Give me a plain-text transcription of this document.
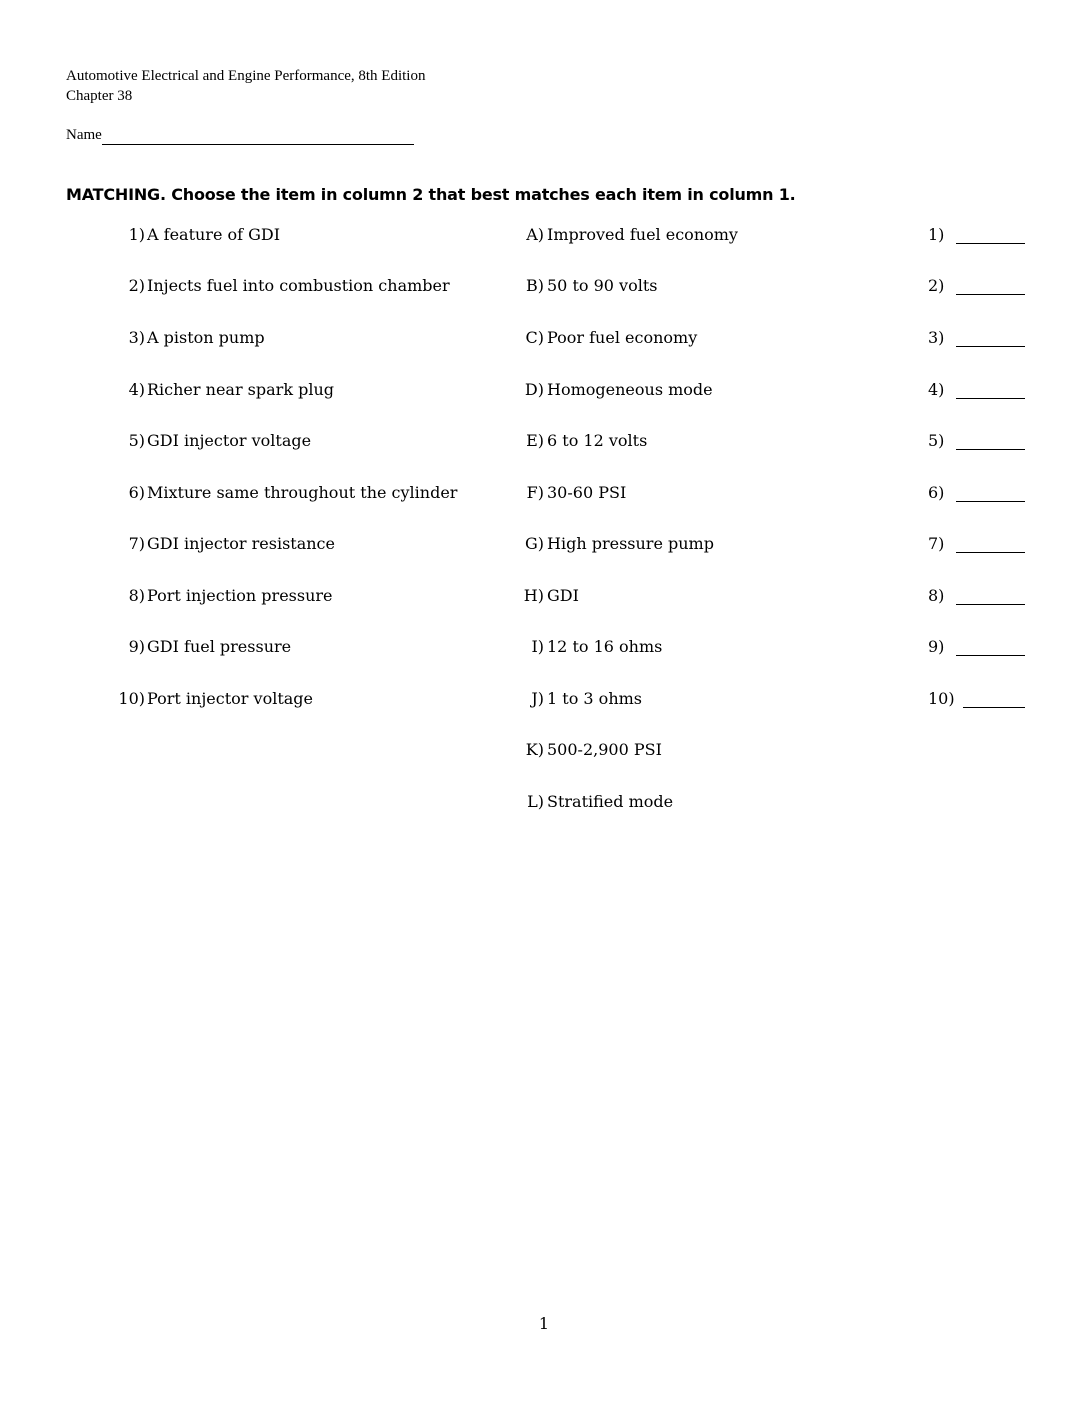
Automotive Electrical and Engine Performance, 8th Edition
Chapter 38
Name
MATCHING. Choose the item in column 2 that best matches each item in column 1.
1) A feature of GDI	A) Improved fuel economy	1)
2) Injects fuel into combustion chamber	B) 50 to 90 volts	2)
3) A piston pump	C) Poor fuel economy	3)
4) Richer near spark plug	D) Homogeneous mode	4)
5) GDI injector voltage	E) 6 to 12 volts	5)
6) Mixture same throughout the cylinder	F) 30-60 PSI	6)
7) GDI injector resistance	G) High pressure pump	7)
8) Port injection pressure	H) GDI	8)
9) GDI fuel pressure	I) 12 to 16 ohms	9)
10) Port injector voltage	J) 1 to 3 ohms	10)
K) 500-2,900 PSI
L) Stratified mode
1
